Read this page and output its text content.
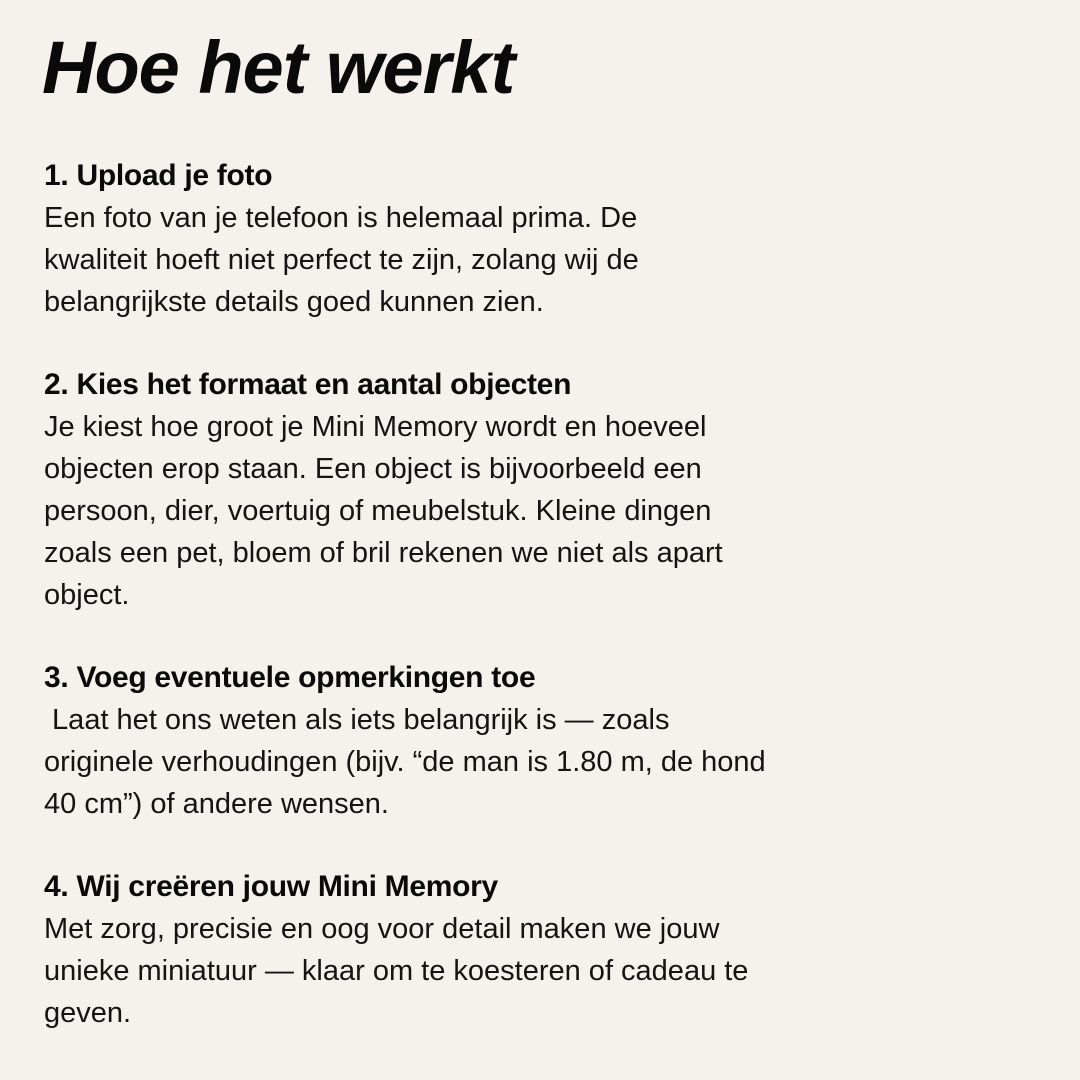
Hoe het werkt
1. Upload je foto

Een foto van je telefoon is helemaal prima. De
kwaliteit hoeft niet perfect te zijn, zolang wij de
belangrijkste details goed kunnen zien.

2. Kies het formaat en aantal objecten

Je kiest hoe groot je Mini Memory wordt en hoeveel
objecten erop staan. Een object is bijvoorbeeld een
persoon, dier, voertuig of meubelstuk. Kleine dingen
zoals een pet, bloem of bril rekenen we niet als apart
object.

3. Voeg eventuele opmerkingen toe

Laat het ons weten als iets belangrijk is — zoals
originele verhoudingen (bijv. “de man is 1.80 m, de hond
40 cm”) of andere wensen.

4. Wij creëren jouw Mini Memory

Met zorg, precisie en oog voor detail maken we jouw
unieke miniatuur — klaar om te koesteren of cadeau te
geven.
